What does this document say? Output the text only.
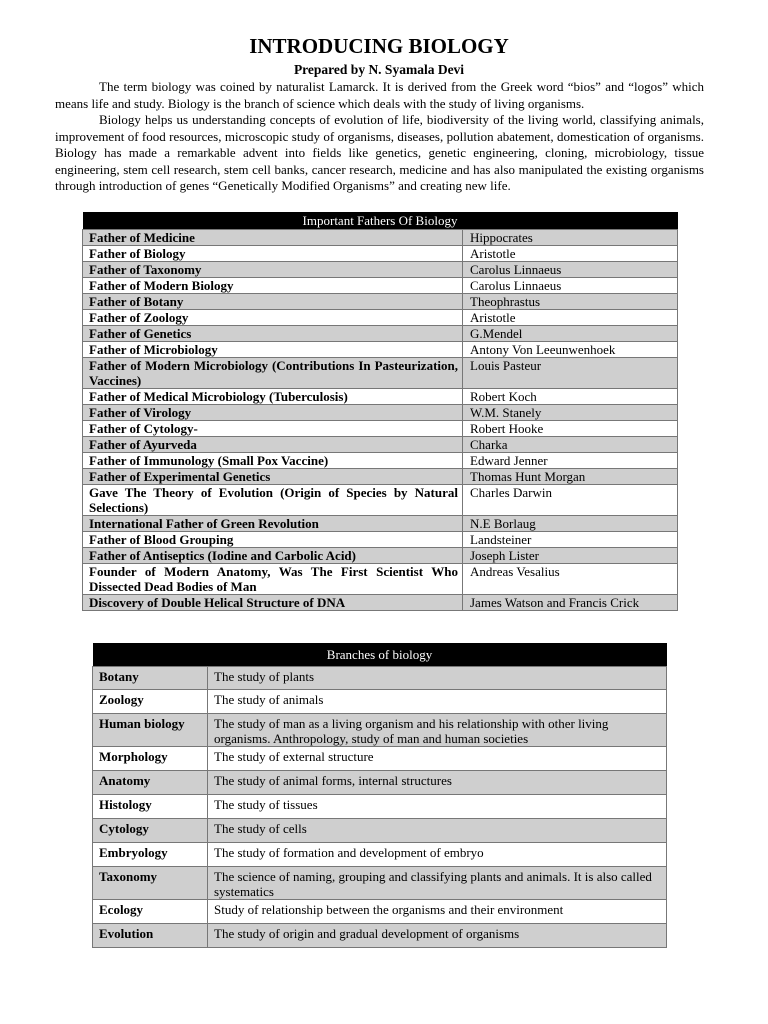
INTRODUCING BIOLOGY
Prepared by N. Syamala Devi

The term biology was coined by naturalist Lamarck. It is derived from the Greek word “bios” and “logos” which means life and study. Biology is the branch of science which deals with the study of living organisms.

Biology helps us understanding concepts of evolution of life, biodiversity of the living world, classifying animals, improvement of food resources, microscopic study of organisms, diseases, pollution abatement, domestication of organisms. Biology has made a remarkable advent into fields like genetics, genetic engineering, cloning, microbiology, tissue engineering, stem cell research, stem cell banks, cancer research, medicine and has also manipulated the existing organisms through introduction of genes “Genetically Modified Organisms” and creating new life.

Important Fathers Of Biology	
Father of Medicine	Hippocrates
Father of Biology	Aristotle
Father of Taxonomy	Carolus Linnaeus
Father of Modern Biology	Carolus Linnaeus
Father of Botany	Theophrastus
Father of Zoology	Aristotle
Father of Genetics	G.Mendel
Father of Microbiology	Antony Von Leeunwenhoek
Father of Modern Microbiology (Contributions In Pasteurization, Vaccines)	Louis Pasteur
Father of Medical Microbiology (Tuberculosis)	Robert Koch
Father of Virology	W.M. Stanely
Father of Cytology-	Robert Hooke
Father of Ayurveda	Charka
Father of Immunology (Small Pox Vaccine)	Edward Jenner
Father of Experimental Genetics	Thomas Hunt Morgan
Gave The Theory of Evolution (Origin of Species by Natural Selections)	Charles Darwin
International Father of Green Revolution	N.E Borlaug
Father of Blood Grouping	Landsteiner
Father of Antiseptics (Iodine and Carbolic Acid)	Joseph Lister
Founder of Modern Anatomy, Was The First Scientist Who Dissected Dead Bodies of Man	Andreas Vesalius
Discovery of Double Helical Structure of DNA	James Watson and Francis Crick
Branches of biology	
Botany	The study of plants
Zoology	The study of animals
Human biology	The study of man as a living organism and his relationship with other living organisms. Anthropology, study of man and human societies
Morphology	The study of external structure
Anatomy	The study of animal forms, internal structures
Histology	The study of tissues
Cytology	The study of cells
Embryology	The study of formation and development of embryo
Taxonomy	The science of naming, grouping and classifying plants and animals. It is also called systematics
Ecology	Study of relationship between the organisms and their environment
Evolution	The study of origin and gradual development of organisms
